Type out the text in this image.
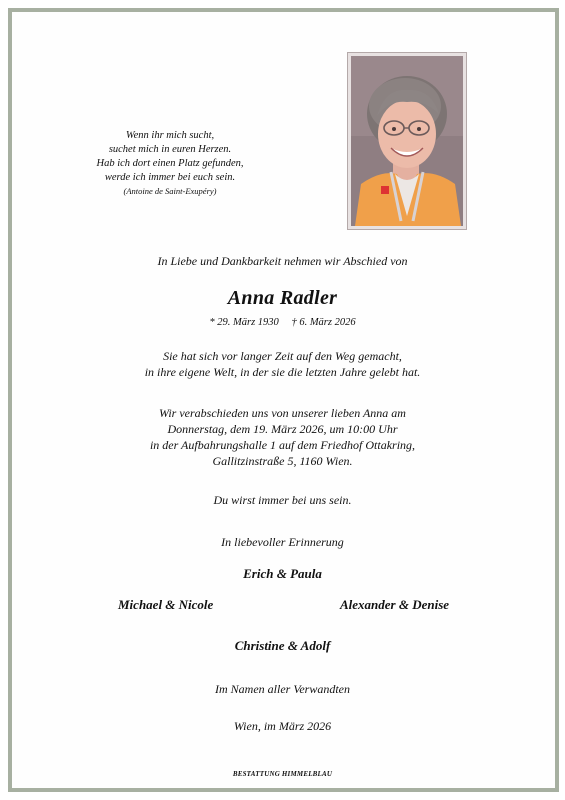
Wenn ihr mich sucht,
suchet mich in euren Herzen.
Hab ich dort einen Platz gefunden,
werde ich immer bei euch sein.
(Antoine de Saint-Exupéry)
In Liebe und Dankbarkeit nehmen wir Abschied von
Anna Radler
* 29. März 1930 † 6. März 2026
Sie hat sich vor langer Zeit auf den Weg gemacht,
in ihre eigene Welt, in der sie die letzten Jahre gelebt hat.
Wir verabschieden uns von unserer lieben Anna am
Donnerstag, dem 19. März 2026, um 10:00 Uhr
in der Aufbahrungshalle 1 auf dem Friedhof Ottakring,
Gallitzinstraße 5, 1160 Wien.
Du wirst immer bei uns sein.
In liebevoller Erinnerung
Erich & Paula
Michael & Nicole	Alexander & Denise
Christine & Adolf
Im Namen aller Verwandten
Wien, im März 2026
BESTATTUNG HIMMELBLAU
